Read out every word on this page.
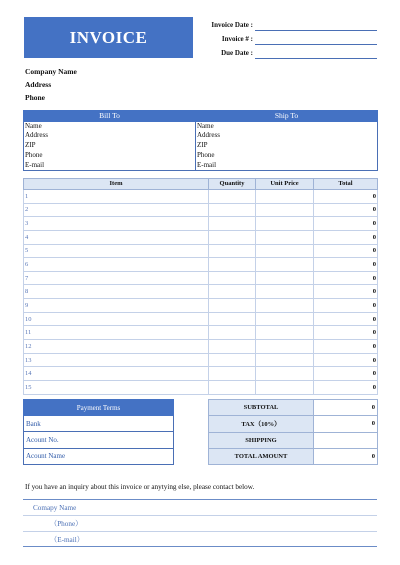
INVOICE
Invoice Date :
Invoice # :
Due Date :
Company Name
Address
Phone
Bill To	Ship To
Name	Name
Address	Address
ZIP	ZIP
Phone	Phone
E-mail	E-mail
Item	Quantity	Unit Price	Total
1			0
2			0
3			0
4			0
5			0
6			0
7			0
8			0
9			0
10			0
11			0
12			0
13			0
14			0
15			0
Payment Terms
Bank
Acount No.
Acount Name
SUBTOTAL	0
TAX（10%）	0
SHIPPING	
TOTAL AMOUNT	0
If you have an inquiry about this invoice or anytying else, please contact below.
Comapy Name
（Phone）
（E-mail）
